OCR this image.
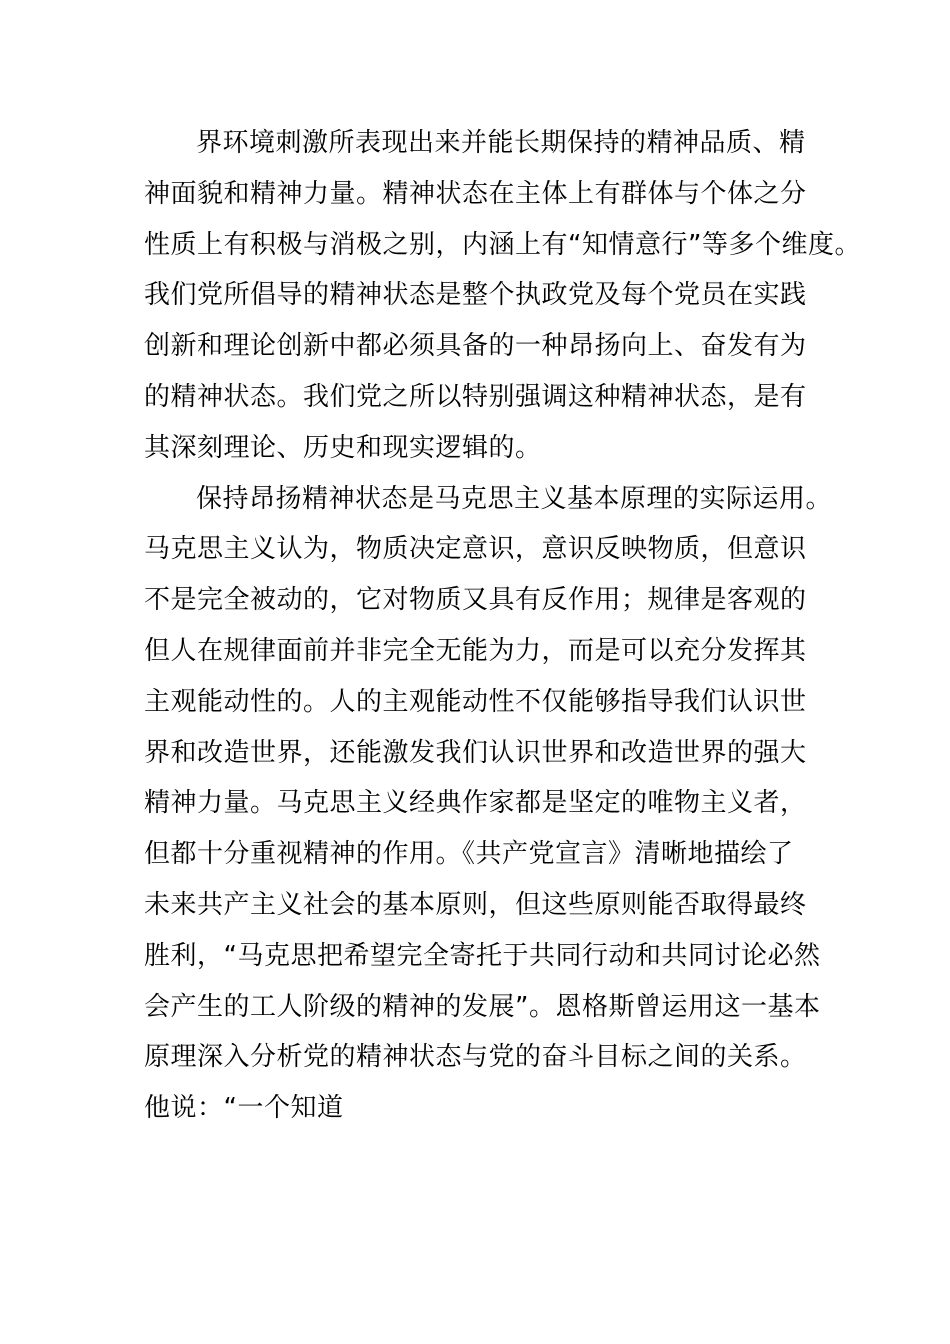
界环境刺激所表现出来并能长期保持的精神品质、精
神面貌和精神力量。精神状态在主体上有群体与个体之分
性质上有积极与消极之别，内涵上有“知情意行”等多个维度。
我们党所倡导的精神状态是整个执政党及每个党员在实践
创新和理论创新中都必须具备的一种昂扬向上、奋发有为
的精神状态。我们党之所以特别强调这种精神状态，是有
其深刻理论、历史和现实逻辑的。
保持昂扬精神状态是马克思主义基本原理的实际运用。
马克思主义认为，物质决定意识，意识反映物质，但意识
不是完全被动的，它对物质又具有反作用；规律是客观的
但人在规律面前并非完全无能为力，而是可以充分发挥其
主观能动性的。人的主观能动性不仅能够指导我们认识世
界和改造世界，还能激发我们认识世界和改造世界的强大
精神力量。马克思主义经典作家都是坚定的唯物主义者，
但都十分重视精神的作用。《共产党宣言》清晰地描绘了
未来共产主义社会的基本原则，但这些原则能否取得最终
胜利，“马克思把希望完全寄托于共同行动和共同讨论必然
会产生的工人阶级的精神的发展”。恩格斯曾运用这一基本
原理深入分析党的精神状态与党的奋斗目标之间的关系。
他说：“一个知道
